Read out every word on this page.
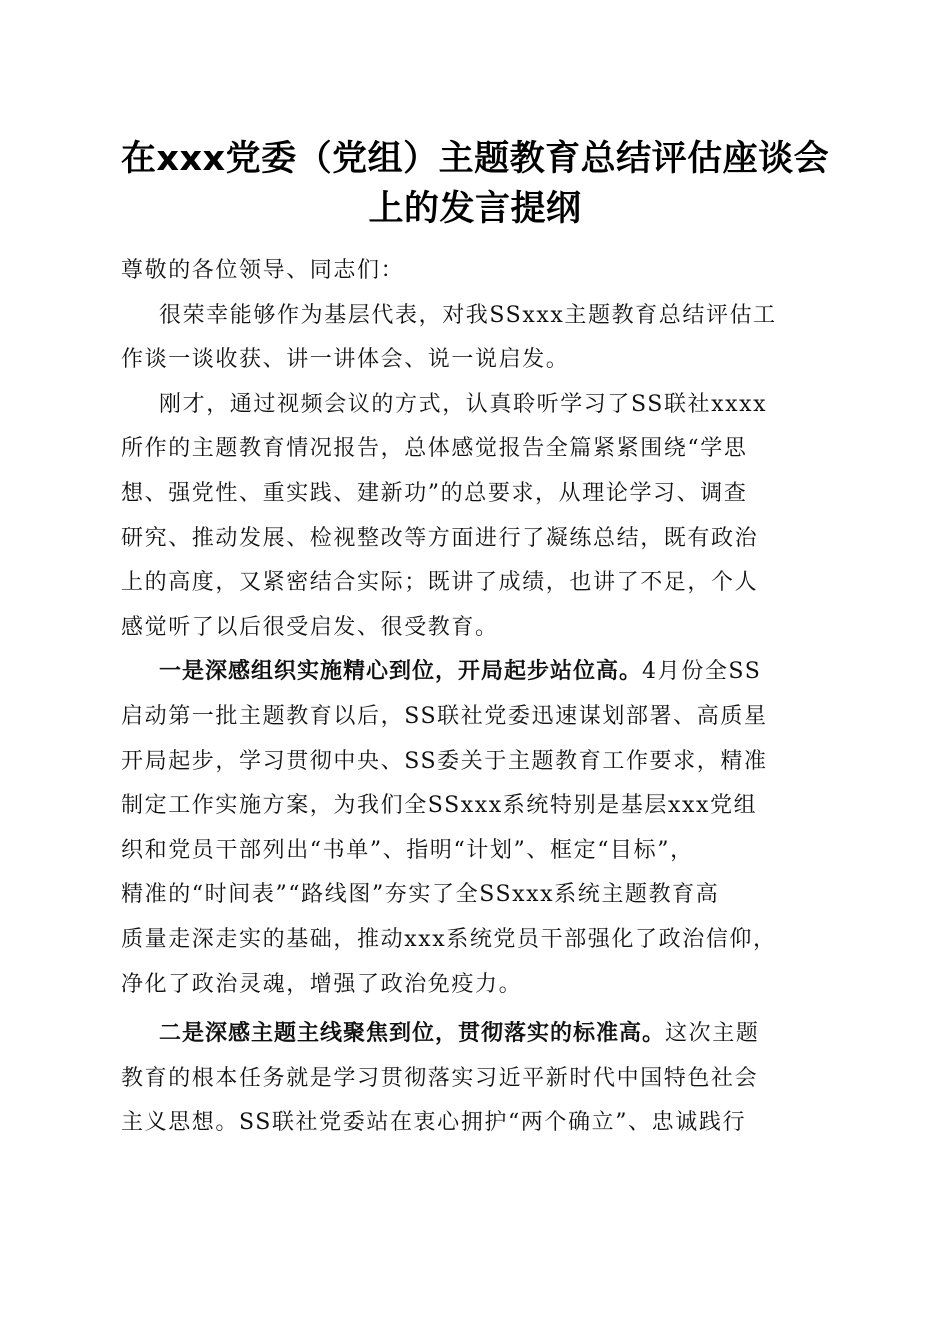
在xxx党委（党组）主题教育总结评估座谈会
上的发言提纲
尊敬的各位领导、同志们：
很荣幸能够作为基层代表，对我SSxxx主题教育总结评估工
作谈一谈收获、讲一讲体会、说一说启发。
刚才，通过视频会议的方式，认真聆听学习了SS联社xxxx
所作的主题教育情况报告，总体感觉报告全篇紧紧围绕“学思
想、强党性、重实践、建新功”的总要求，从理论学习、调查
研究、推动发展、检视整改等方面进行了凝练总结，既有政治
上的高度，又紧密结合实际；既讲了成绩，也讲了不足，个人
感觉听了以后很受启发、很受教育。
一是深感组织实施精心到位，开局起步站位高。4月份全SS
启动第一批主题教育以后，SS联社党委迅速谋划部署、高质星
开局起步，学习贯彻中央、SS委关于主题教育工作要求，精准
制定工作实施方案，为我们全SSxxx系统特别是基层xxx党组
织和党员干部列出“书单”、指明“计划”、框定“目标”，
精准的“时间表”“路线图”夯实了全SSxxx系统主题教育高
质量走深走实的基础，推动xxx系统党员干部强化了政治信仰，
净化了政治灵魂，增强了政治免疫力。
二是深感主题主线聚焦到位，贯彻落实的标准高。这次主题
教育的根本任务就是学习贯彻落实习近平新时代中国特色社会
主义思想。SS联社党委站在衷心拥护“两个确立”、忠诚践行
